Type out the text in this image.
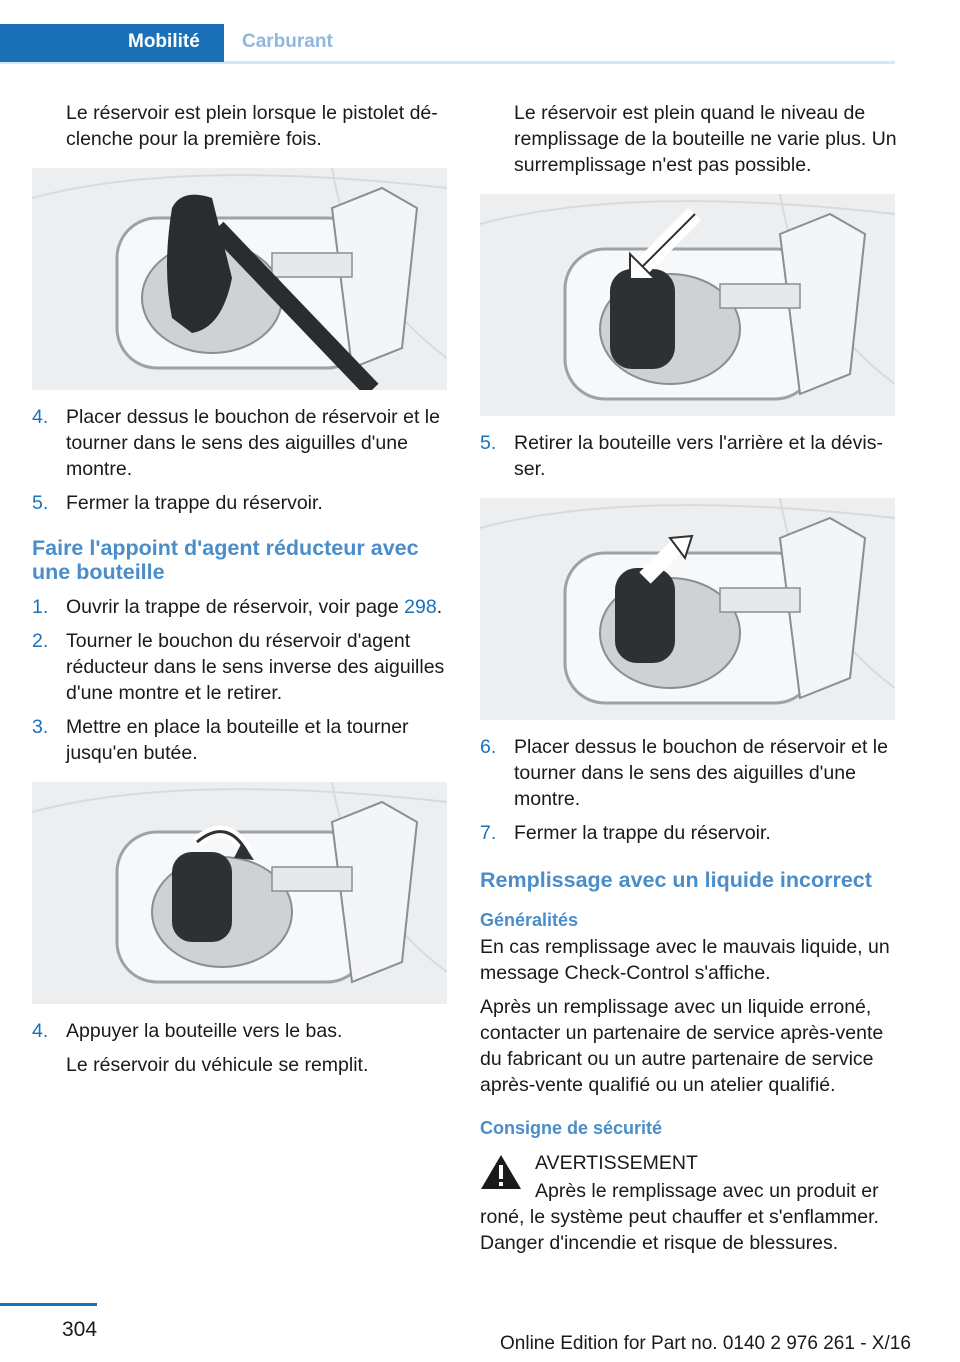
Mobilité	Carburant

Le réservoir est plein lorsque le pistolet déclenche pour la première fois.

4. Placer dessus le bouchon de réservoir et le tourner dans le sens des aiguilles d'une montre.
5. Fermer la trappe du réservoir.
Faire l'appoint d'agent réducteur avec une bouteille
1. Ouvrir la trappe de réservoir, voir page 298.
2. Tourner le bouchon du réservoir d'agent réducteur dans le sens inverse des aiguilles d'une montre et le retirer.
3. Mettre en place la bouteille et la tourner jusqu'en butée.
4. Appuyer la bouteille vers le bas.

Le réservoir du véhicule se remplit.

Le réservoir est plein quand le niveau de remplissage de la bouteille ne varie plus. Un surremplissage n'est pas possible.

5. Retirer la bouteille vers l'arrière et la dévisser.
6. Placer dessus le bouchon de réservoir et le tourner dans le sens des aiguilles d'une montre.
7. Fermer la trappe du réservoir.
Remplissage avec un liquide incorrect
Généralités

En cas remplissage avec le mauvais liquide, un message Check-Control s'affiche.

Après un remplissage avec un liquide erroné, contacter un partenaire de service après-vente du fabricant ou un autre partenaire de service après-vente qualifié ou un atelier qualifié.

Consigne de sécurité
AVERTISSEMENT
Après le remplissage avec un produit er

roné, le système peut chauffer et s'enflammer. Danger d'incendie et risque de blessures.

304
Online Edition for Part no. 0140 2 976 261 - X/16
